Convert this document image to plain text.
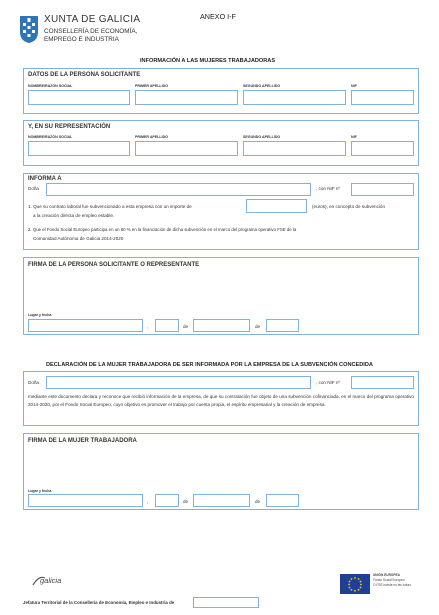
XUNTA DE GALICIA
CONSELLERÍA DE ECONOMÍA,
EMPREGO E INDUSTRIA
ANEXO I-F
INFORMACIÓN A LAS MUJERES TRABAJADORAS
DATOS DE LA PERSONA SOLICITANTE
NOMBRE/RAZÓN SOCIAL	PRIMER APELLIDO	SEGUNDO APELLIDO	NIF
Y, EN SU REPRESENTACIÓN
NOMBRE/RAZÓN SOCIAL	PRIMER APELLIDO	SEGUNDO APELLIDO	NIF
INFORMA A
Doña	, con NIF nº
1. Que su contrato laboral fue subvencionado a esta empresa con un importe de	(euros), en concepto de subvención
a la creación directa de empleo estable.
2. Que el Fondo Social Europeo participa en un 80 % en la financiación de dicha subvención en el marco del programa operativo FSE de la
Comunidad Autónoma de Galicia 2014-2020
FIRMA DE LA PERSONA SOLICITANTE O REPRESENTANTE
Lugar y fecha
,	de	de
DECLARACIÓN DE LA MUJER TRABAJADORA DE SER INFORMADA POR LA EMPRESA DE LA SUBVENCIÓN CONCEDIDA
Doña	, con NIF nº
mediante este documento declara y reconoce que recibió información de la empresa, de que su contratación fue objeto de una subvención cofinanciada, en el marco del programa operativo 2014-2020, por el Fondo Social Europeo, cuyo objetivo es promover el trabajo por cuenta propia, el espíritu empresarial y la creación de empresa.
FIRMA DE LA MUJER TRABAJADORA
Lugar y fecha
,	de	de
galicia
UNIÓN EUROPEA
Fondo Social Europeo
O FSE inviste no teu futuro
Jefatura Territorial de la Consellería de Economía, Empleo e Industria de
